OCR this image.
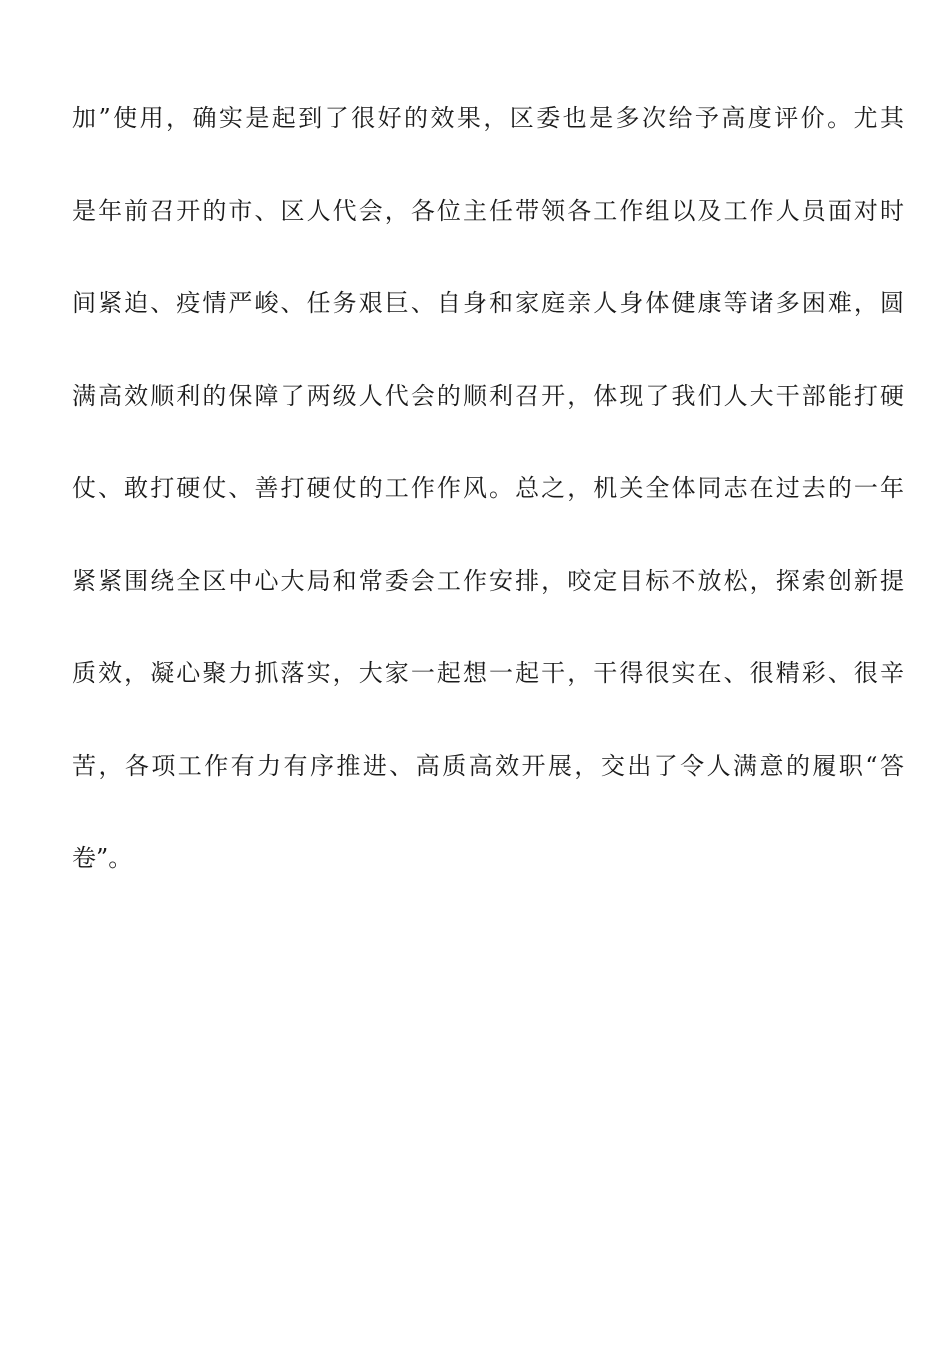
加”使用，确实是起到了很好的效果，区委也是多次给予高度评价。尤其
是年前召开的市、区人代会，各位主任带领各工作组以及工作人员面对时
间紧迫、疫情严峻、任务艰巨、自身和家庭亲人身体健康等诸多困难，圆
满高效顺利的保障了两级人代会的顺利召开，体现了我们人大干部能打硬
仗、敢打硬仗、善打硬仗的工作作风。总之，机关全体同志在过去的一年
紧紧围绕全区中心大局和常委会工作安排，咬定目标不放松，探索创新提
质效，凝心聚力抓落实，大家一起想一起干，干得很实在、很精彩、很辛
苦，各项工作有力有序推进、高质高效开展，交出了令人满意的履职“答
卷”。
